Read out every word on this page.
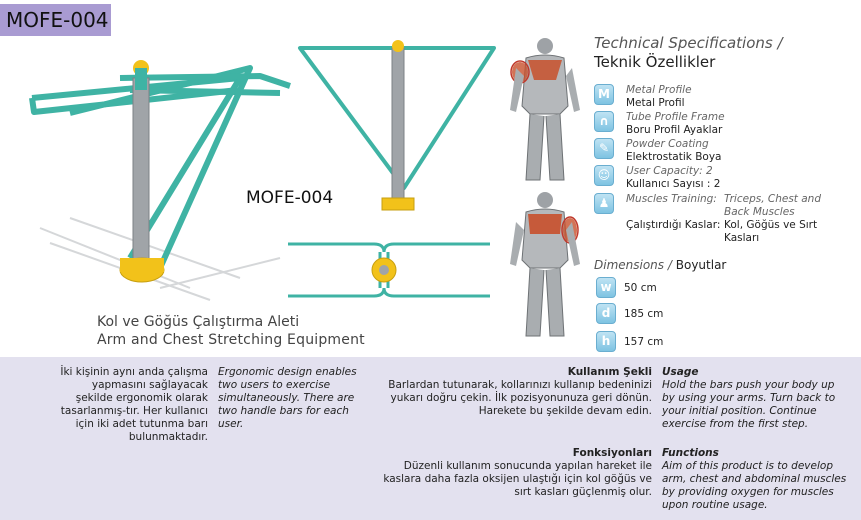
MOFE-004
MOFE-004
Kol ve Göğüs Çalıştırma Aleti
Arm and Chest Stretching Equipment
Technical Specifications /
Teknik Özellikler
M	Metal Profile
Metal Profil
∩	Tube Profile Frame
Boru Profil Ayaklar
✎	Powder Coating
Elektrostatik Boya
☺	User Capacity: 2
Kullanıcı Sayısı : 2
♟	Muscles Training: Triceps, Chest and Back Muscles
Çalıştırdığı Kaslar: Kol, Göğüs ve Sırt Kasları
Dimensions / Boyutlar
w	50 cm
d	185 cm
h	157 cm
İki kişinin aynı anda çalışma yapmasını sağlayacak şekilde ergonomik olarak tasarlanmış-tır. Her kullanıcı için iki adet tutunma barı bulunmaktadır.
Ergonomic design enables two users to exercise simultaneously. There are two handle bars for each user.
Kullanım Şekli
Barlardan tutunarak, kollarınızı kullanıp bedeninizi yukarı doğru çekin. İlk pozisyonunuza geri dönün. Harekete bu şekilde devam edin.
Usage
Hold the bars push your body up by using your arms. Turn back to your initial position. Continue exercise from the first step.
Fonksiyonları
Düzenli kullanım sonucunda yapılan hareket ile kaslara daha fazla oksijen ulaştığı için kol göğüs ve sırt kasları güçlenmiş olur.
Functions
Aim of this product is to develop arm, chest and abdominal muscles by providing oxygen for muscles upon routine usage.
